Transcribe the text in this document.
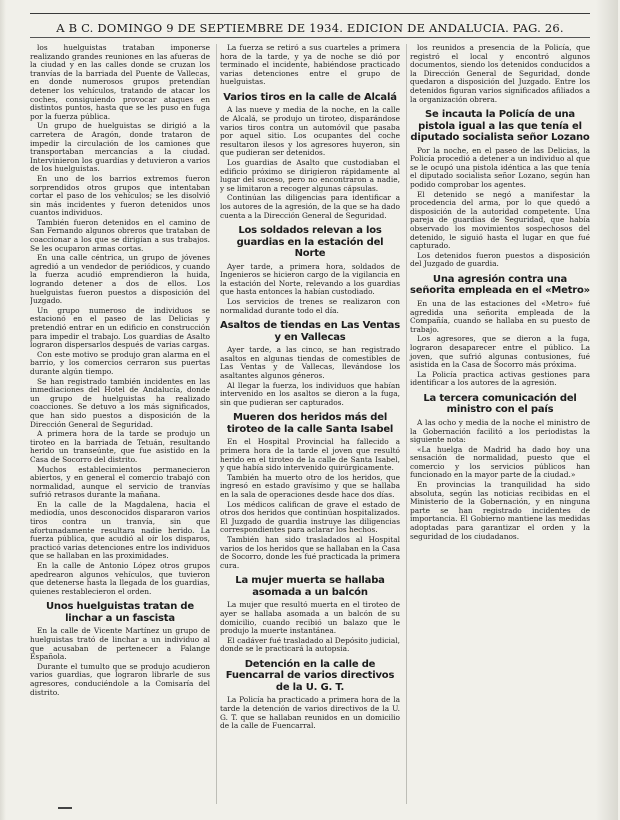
A B C. DOMINGO 9 DE SEPTIEMBRE DE 1934. EDICION DE ANDALUCIA. PAG. 26.

los huelguistas trataban imponerse realizando grandes reuniones en las afueras de la ciudad y en las calles donde se cruzan los tranvías de la barriada del Puente de Vallecas, en donde numerosos grupos pretendían detener los vehículos, tratando de atacar los coches, consiguiendo provocar ataques en distintos puntos, hasta que se les puso en fuga por la fuerza pública.

Un grupo de huelguistas se dirigió a la carretera de Aragón, donde trataron de impedir la circulación de los camiones que transportaban mercancías a la ciudad. Intervinieron los guardias y detuvieron a varios de los huelguistas.

En uno de los barrios extremos fueron sorprendidos otros grupos que intentaban cortar el paso de los vehículos; se les disolvió sin más incidentes y fueron detenidos unos cuantos individuos.

También fueron detenidos en el camino de San Fernando algunos obreros que trataban de coaccionar a los que se dirigían a sus trabajos. Se les ocuparon armas cortas.

En una calle céntrica, un grupo de jóvenes agredió a un vendedor de periódicos, y cuando la fuerza acudió emprendieron la huida, logrando detener a dos de ellos. Los huelguistas fueron puestos a disposición del Juzgado.

Un grupo numeroso de individuos se estacionó en el paseo de las Delicias y pretendió entrar en un edificio en construcción para impedir el trabajo. Los guardias de Asalto lograron dispersarlos después de varias cargas.

Con este motivo se produjo gran alarma en el barrio, y los comercios cerraron sus puertas durante algún tiempo.

Se han registrado también incidentes en las inmediaciones del Hotel de Andalucía, donde un grupo de huelguistas ha realizado coacciones. Se detuvo a los más significados, que han sido puestos a disposición de la Dirección General de Seguridad.

A primera hora de la tarde se produjo un tiroteo en la barriada de Tetuán, resultando herido un transeúnte, que fue asistido en la Casa de Socorro del distrito.

Muchos establecimientos permanecieron abiertos, y en general el comercio trabajó con normalidad, aunque el servicio de tranvías sufrió retrasos durante la mañana.

En la calle de la Magdalena, hacia el mediodía, unos desconocidos dispararon varios tiros contra un tranvía, sin que afortunadamente resultara nadie herido. La fuerza pública, que acudió al oír los disparos, practicó varias detenciones entre los individuos que se hallaban en las proximidades.

En la calle de Antonio López otros grupos apedrearon algunos vehículos, que tuvieron que detenerse hasta la llegada de los guardias, quienes restablecieron el orden.

Unos huelguistas tratan de linchar a un fascista

En la calle de Vicente Martínez un grupo de huelguistas trató de linchar a un individuo al que acusaban de pertenecer a Falange Española.

Durante el tumulto que se produjo acudieron varios guardias, que lograron librarle de sus agresores, conduciéndole a la Comisaría del distrito.

La fuerza se retiró a sus cuarteles a primera hora de la tarde, y ya de noche se dió por terminado el incidente, habiéndose practicado varias detenciones entre el grupo de huelguistas.

Varios tiros en la calle de Alcalá

A las nueve y media de la noche, en la calle de Alcalá, se produjo un tiroteo, disparándose varios tiros contra un automóvil que pasaba por aquel sitio. Los ocupantes del coche resultaron ilesos y los agresores huyeron, sin que pudieran ser detenidos.

Los guardias de Asalto que custodiaban el edificio próximo se dirigieron rápidamente al lugar del suceso, pero no encontraron a nadie, y se limitaron a recoger algunas cápsulas.

Continúan las diligencias para identificar a los autores de la agresión, de la que se ha dado cuenta a la Dirección General de Seguridad.

Los soldados relevan a los guardias en la estación del Norte

Ayer tarde, a primera hora, soldados de Ingenieros se hicieron cargo de la vigilancia en la estación del Norte, relevando a los guardias que hasta entonces la habían custodiado.

Los servicios de trenes se realizaron con normalidad durante todo el día.

Asaltos de tiendas en Las Ventas y en Vallecas

Ayer tarde, a las cinco, se han registrado asaltos en algunas tiendas de comestibles de Las Ventas y de Vallecas, llevándose los asaltantes algunos géneros.

Al llegar la fuerza, los individuos que habían intervenido en los asaltos se dieron a la fuga, sin que pudieran ser capturados.

Mueren dos heridos más del tiroteo de la calle Santa Isabel

En el Hospital Provincial ha fallecido a primera hora de la tarde el joven que resultó herido en el tiroteo de la calle de Santa Isabel, y que había sido intervenido quirúrgicamente.

También ha muerto otro de los heridos, que ingresó en estado gravísimo y que se hallaba en la sala de operaciones desde hace dos días.

Los médicos califican de grave el estado de otros dos heridos que continúan hospitalizados. El Juzgado de guardia instruye las diligencias correspondientes para aclarar los hechos.

También han sido trasladados al Hospital varios de los heridos que se hallaban en la Casa de Socorro, donde les fué practicada la primera cura.

La mujer muerta se hallaba asomada a un balcón

La mujer que resultó muerta en el tiroteo de ayer se hallaba asomada a un balcón de su domicilio, cuando recibió un balazo que le produjo la muerte instantánea.

El cadáver fué trasladado al Depósito judicial, donde se le practicará la autopsia.

Detención en la calle de Fuencarral de varios directivos de la U. G. T.

La Policía ha practicado a primera hora de la tarde la detención de varios directivos de la U. G. T. que se hallaban reunidos en un domicilio de la calle de Fuencarral.

los reunidos a presencia de la Policía, que registró el local y encontró algunos documentos, siendo los detenidos conducidos a la Dirección General de Seguridad, donde quedaron a disposición del Juzgado. Entre los detenidos figuran varios significados afiliados a la organización obrera.

Se incauta la Policía de una pistola igual a las que tenía el diputado socialista señor Lozano

Por la noche, en el paseo de las Delicias, la Policía procedió a detener a un individuo al que se le ocupó una pistola idéntica a las que tenía el diputado socialista señor Lozano, según han podido comprobar los agentes.

El detenido se negó a manifestar la procedencia del arma, por lo que quedó a disposición de la autoridad competente. Una pareja de guardias de Seguridad, que había observado los movimientos sospechosos del detenido, le siguió hasta el lugar en que fué capturado.

Los detenidos fueron puestos a disposición del Juzgado de guardia.

Una agresión contra una señorita empleada en el «Metro»

En una de las estaciones del «Metro» fué agredida una señorita empleada de la Compañía, cuando se hallaba en su puesto de trabajo.

Los agresores, que se dieron a la fuga, lograron desaparecer entre el público. La joven, que sufrió algunas contusiones, fué asistida en la Casa de Socorro más próxima.

La Policía practica activas gestiones para identificar a los autores de la agresión.

La tercera comunicación del ministro con el país

A las ocho y media de la noche el ministro de la Gobernación facilitó a los periodistas la siguiente nota:

«La huelga de Madrid ha dado hoy una sensación de normalidad, puesto que el comercio y los servicios públicos han funcionado en la mayor parte de la ciudad.»

En provincias la tranquilidad ha sido absoluta, según las noticias recibidas en el Ministerio de la Gobernación, y en ninguna parte se han registrado incidentes de importancia. El Gobierno mantiene las medidas adoptadas para garantizar el orden y la seguridad de los ciudadanos.
